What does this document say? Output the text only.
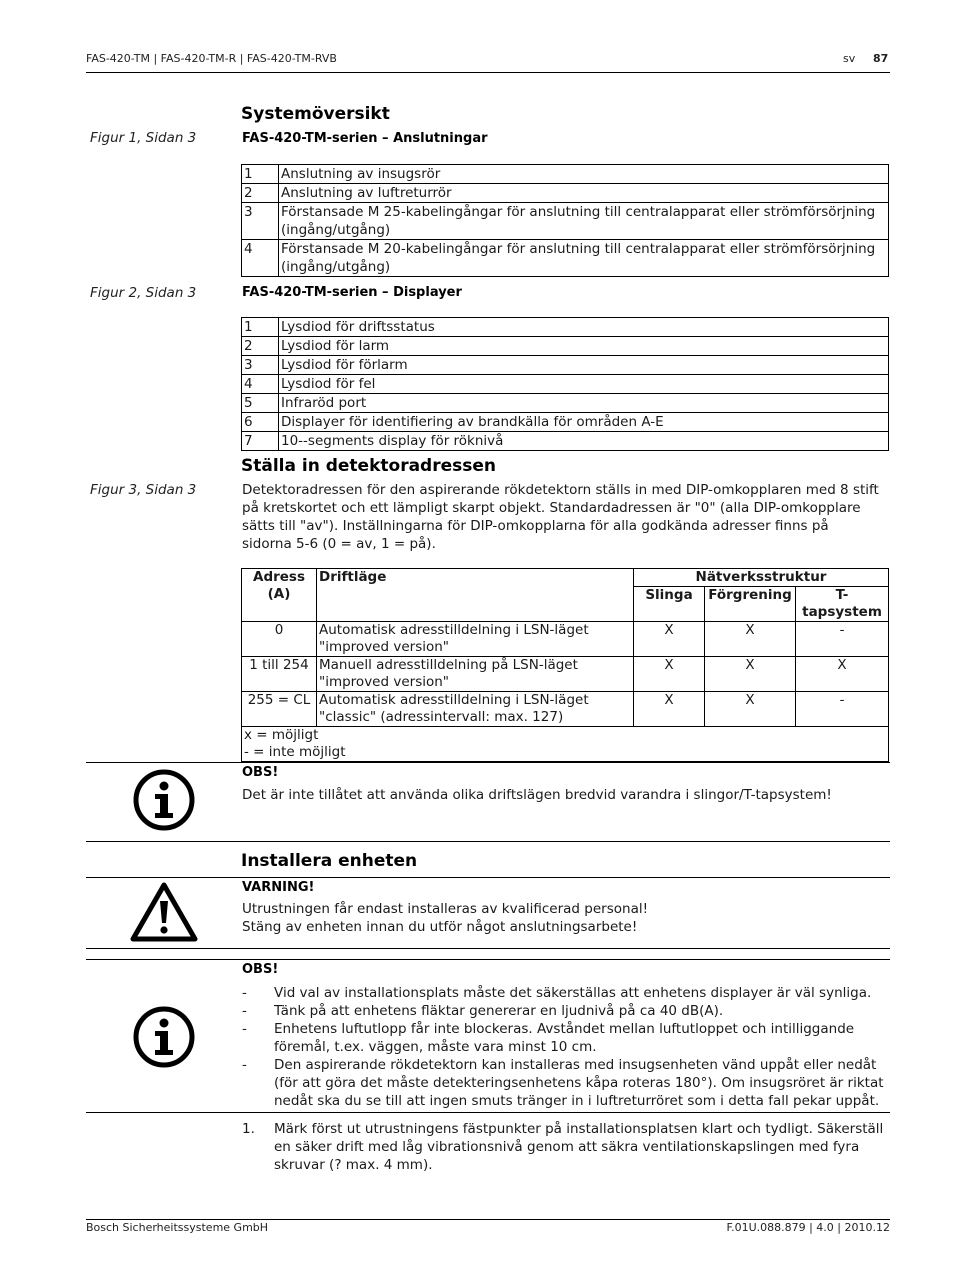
FAS-420-TM | FAS-420-TM-R | FAS-420-TM-RVB	sv 87
Systemöversikt
Figur 1, Sidan 3	FAS-420-TM-serien – Anslutningar
1	Anslutning av insugsrör
2	Anslutning av luftreturrör
3	Förstansade M 25-kabelingångar för anslutning till centralapparat eller strömförsörjning (ingång/utgång)
4	Förstansade M 20-kabelingångar för anslutning till centralapparat eller strömförsörjning (ingång/utgång)
Figur 2, Sidan 3	FAS-420-TM-serien – Displayer
1	Lysdiod för driftsstatus
2	Lysdiod för larm
3	Lysdiod för förlarm
4	Lysdiod för fel
5	Infraröd port
6	Displayer för identifiering av brandkälla för områden A-E
7	10--segments display för röknivå
Ställa in detektoradressen
Figur 3, Sidan 3	Detektoradressen för den aspirerande rökdetektorn ställs in med DIP-omkopplaren med 8 stift på kretskortet och ett lämpligt skarpt objekt. Standardadressen är "0" (alla DIP-omkopplare sätts till "av"). Inställningarna för DIP-omkopplarna för alla godkända adresser finns på sidorna 5-6 (0 = av, 1 = på).
Adress (A)	Driftläge	Nätverksstruktur		
		Slinga	Förgrening	T-tapsystem
0	Automatisk adresstilldelning i LSN-läget "improved version"	X	X	-
1 till 254	Manuell adresstilldelning på LSN-läget "improved version"	X	X	X
255 = CL	Automatisk adresstilldelning i LSN-läget "classic" (adressintervall: max. 127)	X	X	-

x = möjligt
- = inte möjligt				
OBS!
Det är inte tillåtet att använda olika driftslägen bredvid varandra i slingor/T-tapsystem!
Installera enheten
VARNING!
Utrustningen får endast installeras av kvalificerad personal!
Stäng av enheten innan du utför något anslutningsarbete!
OBS!
- Vid val av installationsplats måste det säkerställas att enhetens displayer är väl synliga.
- Tänk på att enhetens fläktar genererar en ljudnivå på ca 40 dB(A).
- Enhetens luftutlopp får inte blockeras. Avståndet mellan luftutloppet och intilliggande föremål, t.ex. väggen, måste vara minst 10 cm.
- Den aspirerande rökdetektorn kan installeras med insugsenheten vänd uppåt eller nedåt (för att göra det måste detekteringsenhetens kåpa roteras 180°). Om insugsröret är riktat nedåt ska du se till att ingen smuts tränger in i luftreturröret som i detta fall pekar uppåt.
1. Märk först ut utrustningens fästpunkter på installationsplatsen klart och tydligt. Säkerställ en säker drift med låg vibrationsnivå genom att säkra ventilationskapslingen med fyra skruvar (? max. 4 mm).
Bosch Sicherheitssysteme GmbH	F.01U.088.879 | 4.0 | 2010.12
